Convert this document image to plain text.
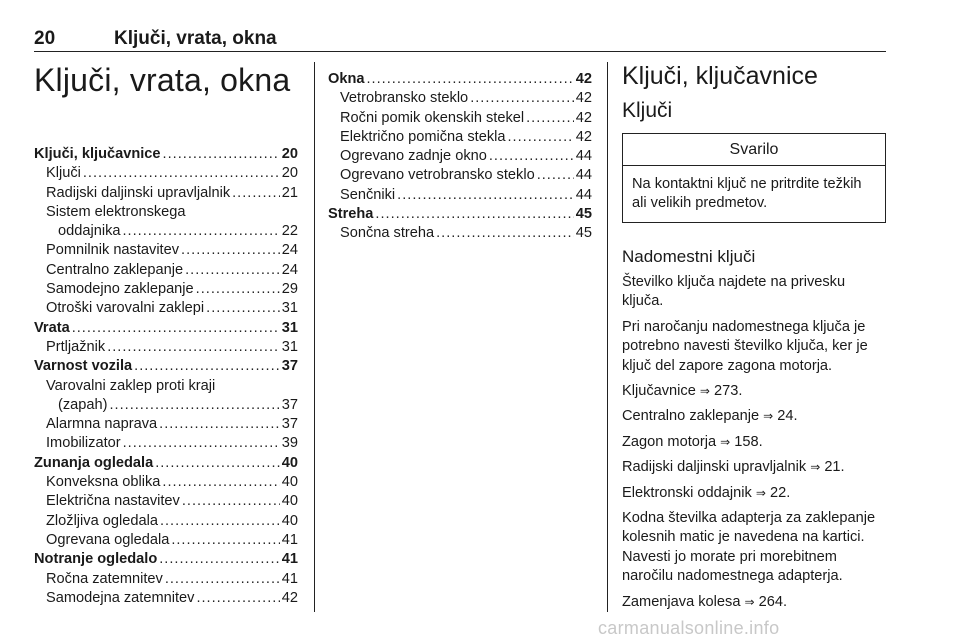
20	Ključi, vrata, okna
Ključi, vrata, okna
Ključi, ključavnice .....	20
Ključi .....	20
Radijski daljinski upravljalnik .....	21
Sistem elektronskega
oddajnika .....	22
Pomnilnik nastavitev .....	24
Centralno zaklepanje .....	24
Samodejno zaklepanje .....	29
Otroški varovalni zaklepi .....	31
Vrata .....	31
Prtljažnik .....	31
Varnost vozila .....	37
Varovalni zaklep proti kraji
(zapah) .....	37
Alarmna naprava .....	37
Imobilizator .....	39
Zunanja ogledala .....	40
Konveksna oblika .....	40
Električna nastavitev .....	40
Zložljiva ogledala .....	40
Ogrevana ogledala .....	41
Notranje ogledalo .....	41
Ročna zatemnitev .....	41
Samodejna zatemnitev .....	42
Okna .....	42
Vetrobransko steklo .....	42
Ročni pomik okenskih stekel .....	42
Električno pomična stekla .....	42
Ogrevano zadnje okno .....	44
Ogrevano vetrobransko steklo .....	44
Senčniki .....	44
Streha .....	45
Sončna streha .....	45
Ključi, ključavnice
Ključi
Svarilo
Na kontaktni ključ ne pritrdite težkih ali velikih predmetov.
Nadomestni ključi

Številko ključa najdete na privesku ključa.

Pri naročanju nadomestnega ključa je potrebno navesti številko ključa, ker je ključ del zapore zagona motorja.

Ključavnice ⇒ 273.

Centralno zaklepanje ⇒ 24.

Zagon motorja ⇒ 158.

Radijski daljinski upravljalnik ⇒ 21.

Elektronski oddajnik ⇒ 22.

Kodna številka adapterja za zaklepanje kolesnih matic je navedena na kartici. Navesti jo morate pri morebitnem naročilu nadomestnega adapterja.

Zamenjava kolesa ⇒ 264.

carmanualsonline.info
